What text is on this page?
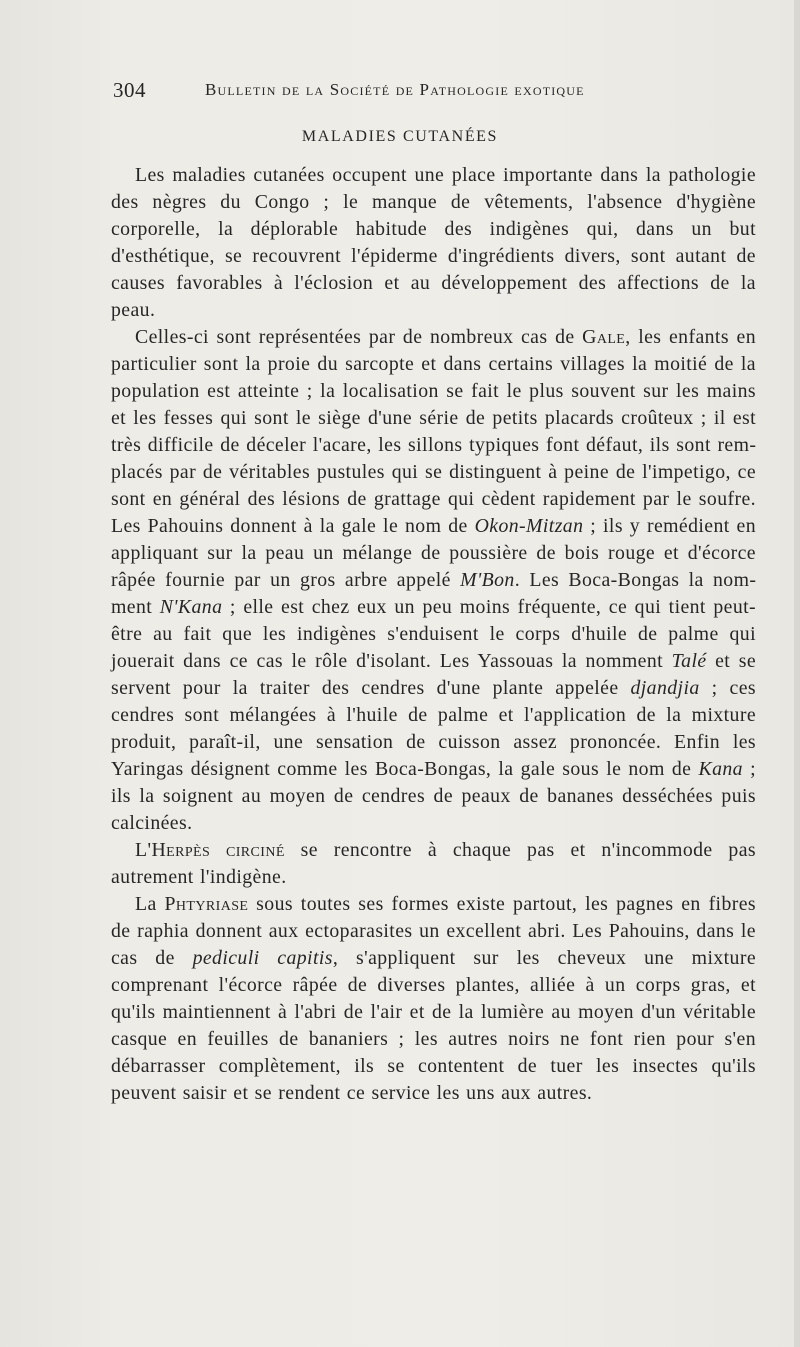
304	Bulletin de la Société de Pathologie exotique
MALADIES CUTANÉES

Les maladies cutanées occupent une place importante dans la pathologie des nègres du Congo ; le manque de vêtements, l'absence d'hygiène corporelle, la déplorable habitude des indigènes qui, dans un but d'esthétique, se recouvrent l'épiderme d'ingrédients divers, sont autant de causes favorables à l'éclosion et au développement des affections de la peau.

Celles-ci sont représentées par de nombreux cas de Gale, les enfants en particulier sont la proie du sarcopte et dans certains villages la moitié de la population est atteinte ; la localisation se fait le plus souvent sur les mains et les fesses qui sont le siège d'une série de petits placards croûteux ; il est très difficile de déceler l'acare, les sillons typiques font défaut, ils sont remplacés par de véritables pustules qui se distinguent à peine de l'impetigo, ce sont en général des lésions de grattage qui cèdent rapidement par le soufre. Les Pahouins donnent à la gale le nom de Okon-Mitzan ; ils y remédient en appliquant sur la peau un mélange de poussière de bois rouge et d'écorce râpée fournie par un gros arbre appelé M'Bon. Les Boca-Bongas la nomment N'Kana ; elle est chez eux un peu moins fréquente, ce qui tient peut-être au fait que les indigènes s'enduisent le corps d'huile de palme qui jouerait dans ce cas le rôle d'isolant. Les Yassouas la nomment Talé et se servent pour la traiter des cendres d'une plante appelée djandjia ; ces cendres sont mélangées à l'huile de palme et l'application de la mixture produit, paraît-il, une sensation de cuisson assez prononcée. Enfin les Yaringas désignent comme les Boca-Bongas, la gale sous le nom de Kana ; ils la soignent au moyen de cendres de peaux de bananes desséchées puis calcinées.

L'Herpès circiné se rencontre à chaque pas et n'incommode pas autrement l'indigène.

La Phtyriase sous toutes ses formes existe partout, les pagnes en fibres de raphia donnent aux ectoparasites un excellent abri. Les Pahouins, dans le cas de pediculi capitis, s'appliquent sur les cheveux une mixture comprenant l'écorce râpée de diverses plantes, alliée à un corps gras, et qu'ils maintiennent à l'abri de l'air et de la lumière au moyen d'un véritable casque en feuilles de bananiers ; les autres noirs ne font rien pour s'en débarrasser complètement, ils se contentent de tuer les insectes qu'ils peuvent saisir et se rendent ce service les uns aux autres.
